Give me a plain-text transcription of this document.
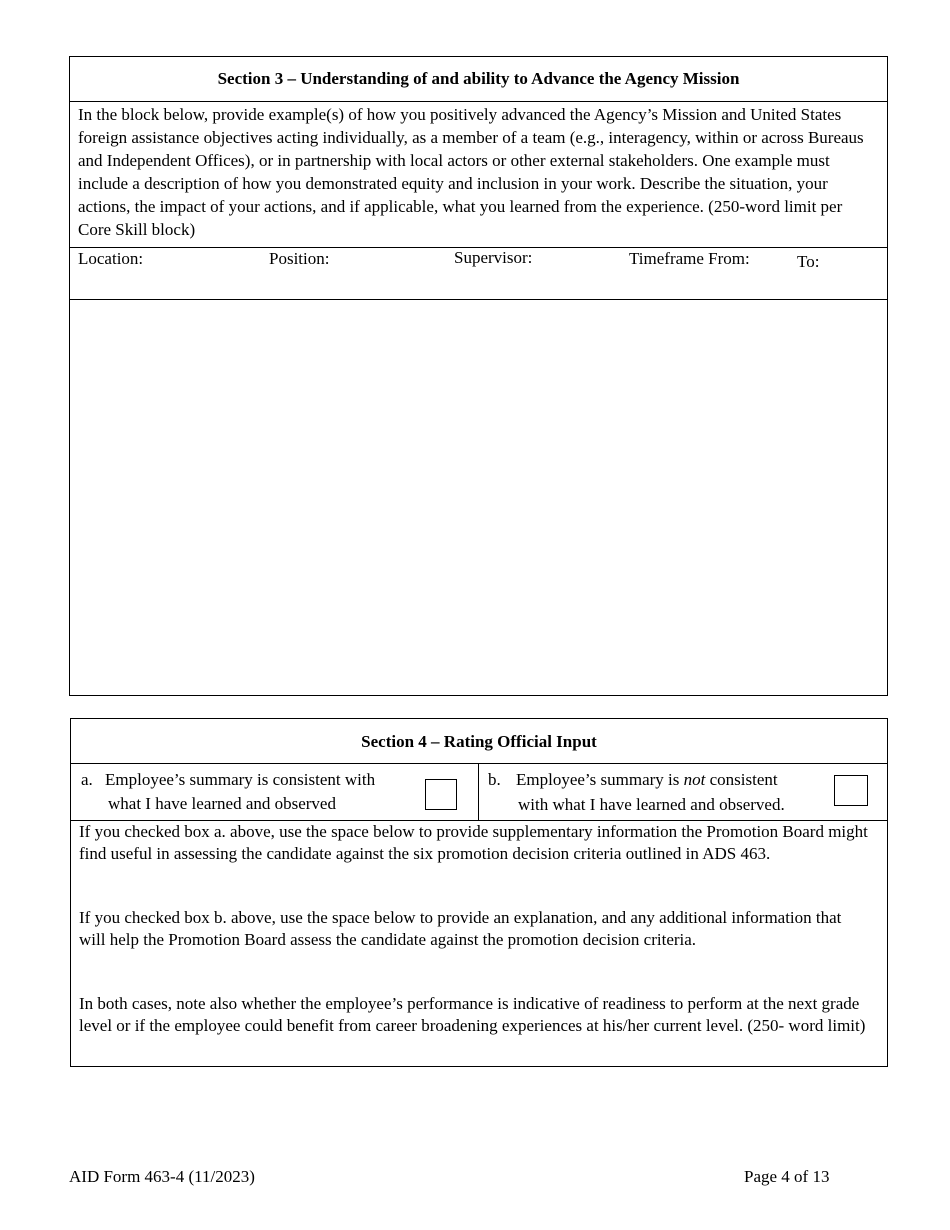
Section 3 – Understanding of and ability to Advance the Agency Mission
In the block below, provide example(s) of how you positively advanced the Agency’s Mission and United States foreign assistance objectives acting individually, as a member of a team (e.g., interagency, within or across Bureaus and Independent Offices), or in partnership with local actors or other external stakeholders. One example must include a description of how you demonstrated equity and inclusion in your work. Describe the situation, your actions, the impact of your actions, and if applicable, what you learned from the experience. (250-word limit per Core Skill block)
Location:	Position:	Supervisor:	Timeframe From:	To:
Section 4 – Rating Official Input
a. Employee’s summary is consistent with
what I have learned and observed
b. Employee’s summary is not consistent
with what I have learned and observed.
If you checked box a. above, use the space below to provide supplementary information the Promotion Board might find useful in assessing the candidate against the six promotion decision criteria outlined in ADS 463.
If you checked box b. above, use the space below to provide an explanation, and any additional information that will help the Promotion Board assess the candidate against the promotion decision criteria.
In both cases, note also whether the employee’s performance is indicative of readiness to perform at the next grade level or if the employee could benefit from career broadening experiences at his/her current level. (250- word limit)
AID Form 463-4 (11/2023)	Page 4 of 13
